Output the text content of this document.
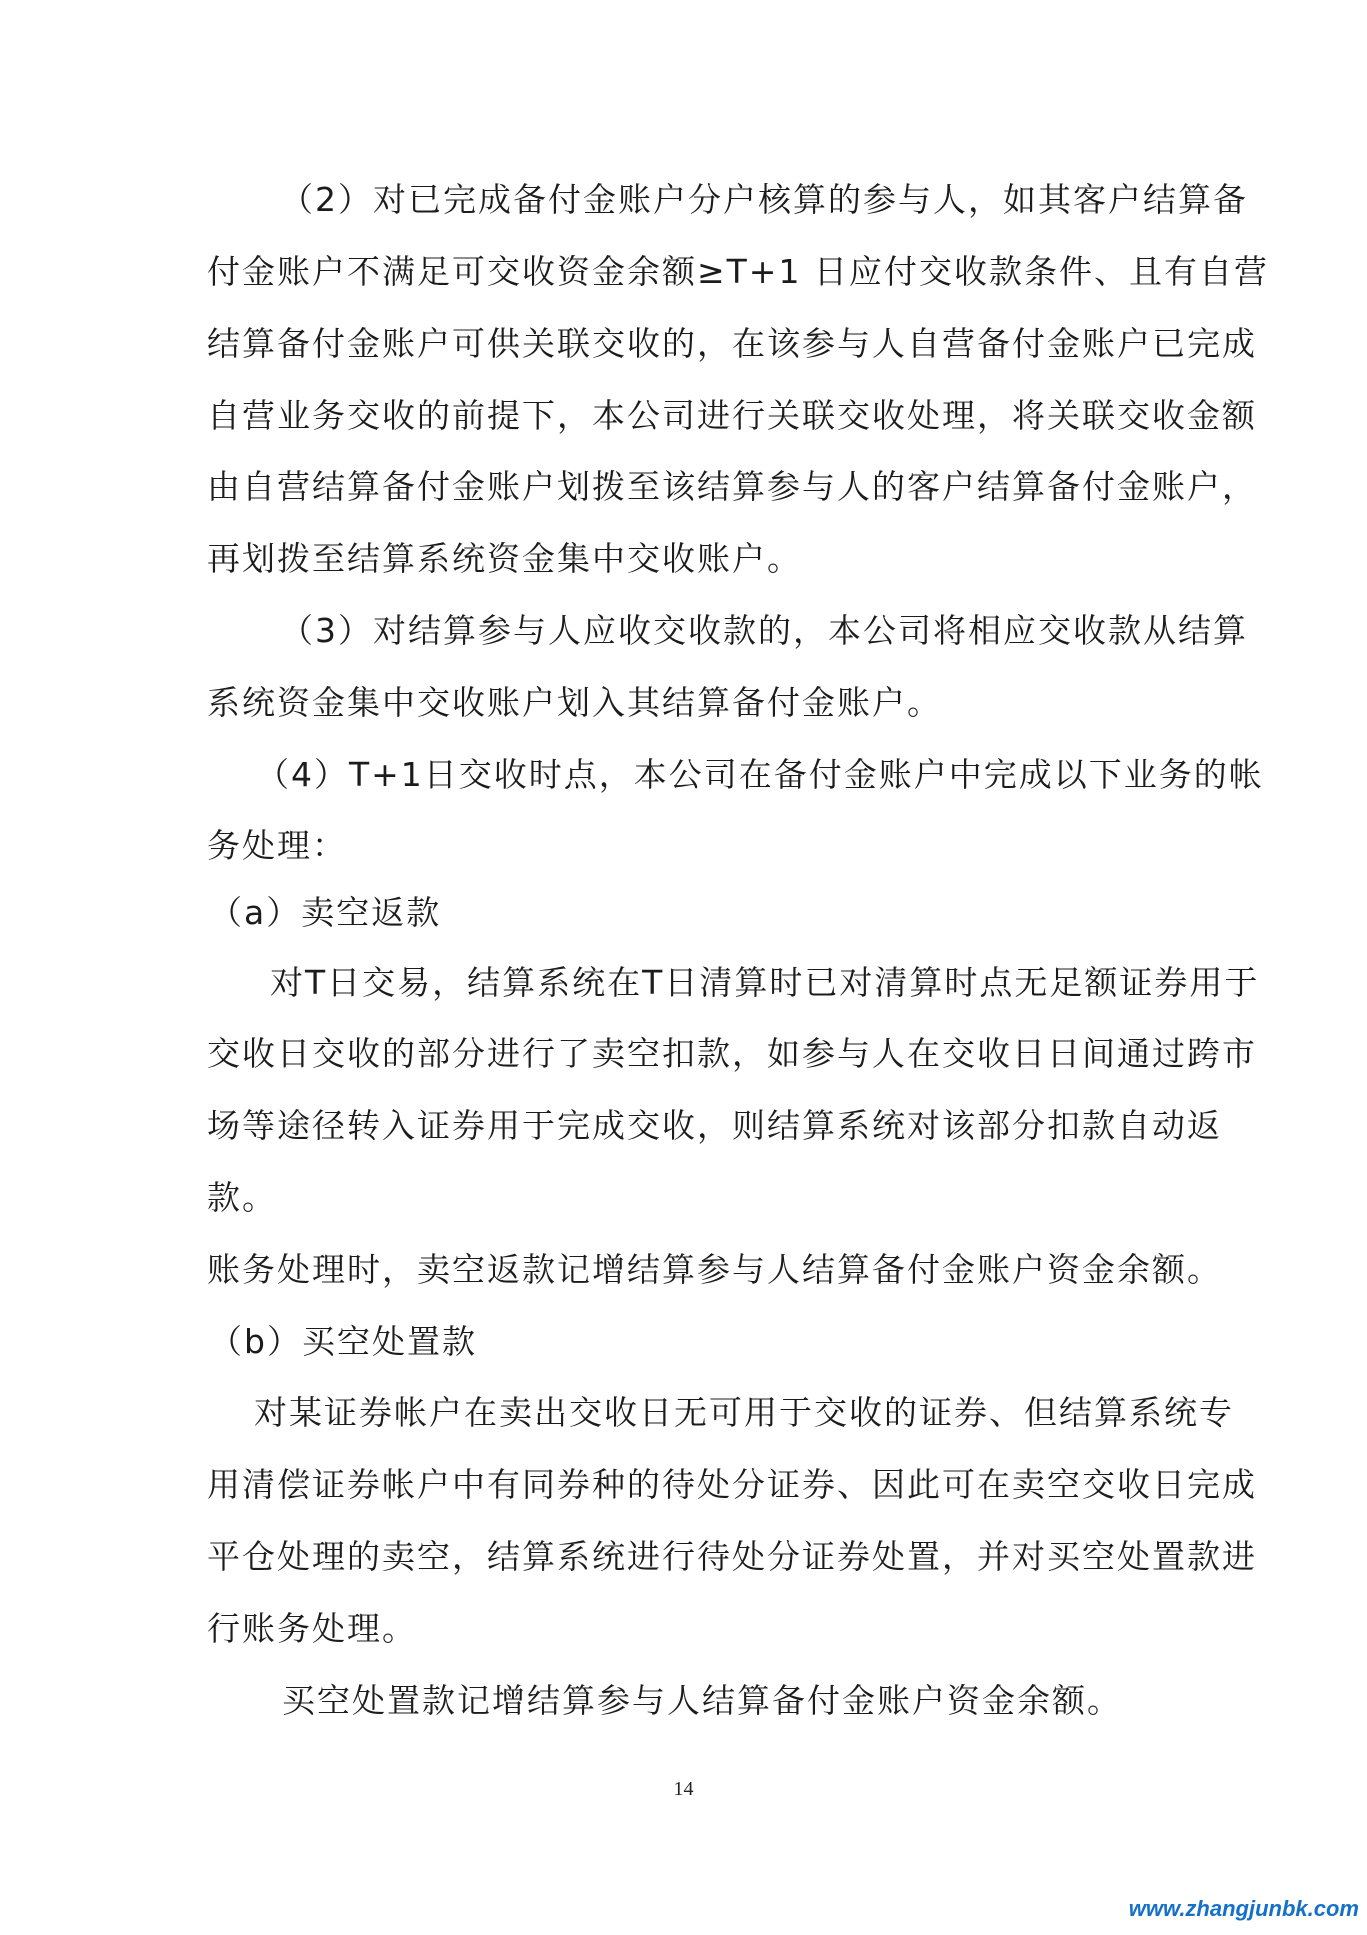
（2）对已完成备付金账户分户核算的参与人，如其客户结算备
付金账户不满足可交收资金余额≥T+1 日应付交收款条件、且有自营
结算备付金账户可供关联交收的，在该参与人自营备付金账户已完成
自营业务交收的前提下，本公司进行关联交收处理，将关联交收金额
由自营结算备付金账户划拨至该结算参与人的客户结算备付金账户，
再划拨至结算系统资金集中交收账户。
（3）对结算参与人应收交收款的，本公司将相应交收款从结算
系统资金集中交收账户划入其结算备付金账户。
（4）T+1日交收时点，本公司在备付金账户中完成以下业务的帐
务处理：
（a）卖空返款
对T日交易，结算系统在T日清算时已对清算时点无足额证券用于
交收日交收的部分进行了卖空扣款，如参与人在交收日日间通过跨市
场等途径转入证券用于完成交收，则结算系统对该部分扣款自动返
款。
账务处理时，卖空返款记增结算参与人结算备付金账户资金余额。
（b）买空处置款
对某证券帐户在卖出交收日无可用于交收的证券、但结算系统专
用清偿证券帐户中有同券种的待处分证券、因此可在卖空交收日完成
平仓处理的卖空，结算系统进行待处分证券处置，并对买空处置款进
行账务处理。
买空处置款记增结算参与人结算备付金账户资金余额。
14
www.zhangjunbk.com
